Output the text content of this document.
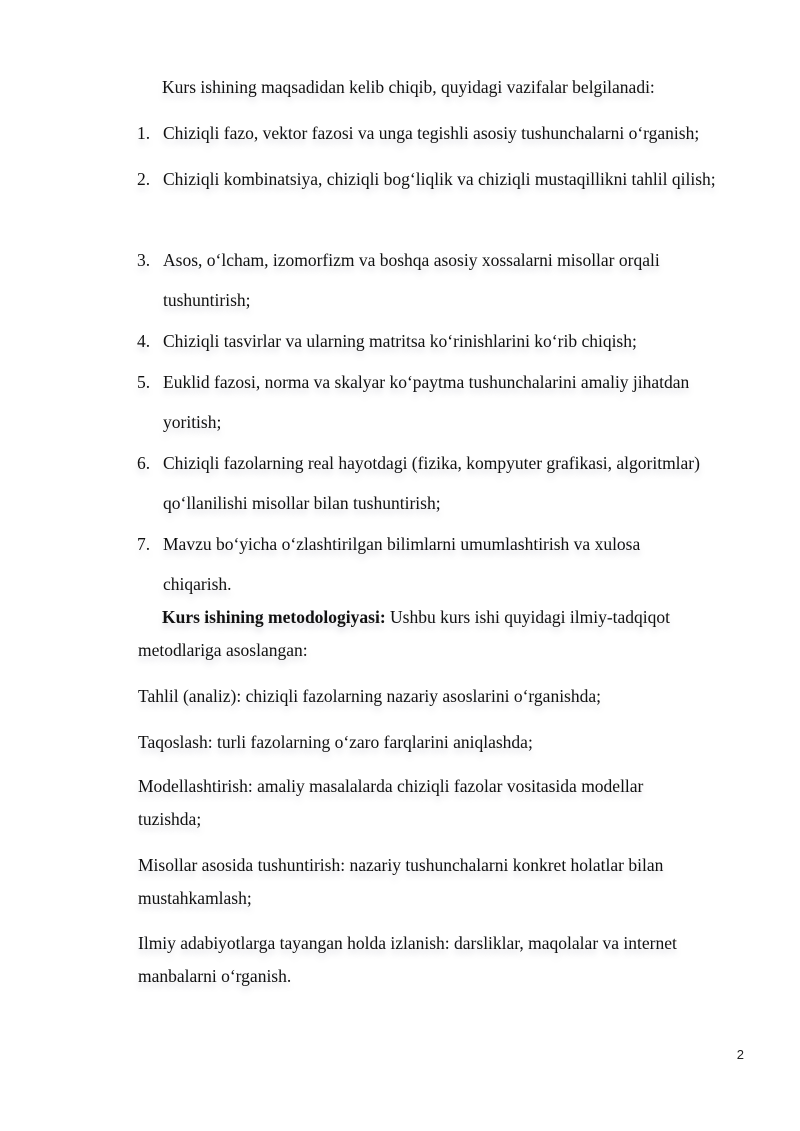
Kurs ishining maqsadidan kelib chiqib, quyidagi vazifalar belgilanadi:
1. Chiziqli fazo, vektor fazosi va unga tegishli asosiy tushunchalarni o‘rganish;
2. Chiziqli kombinatsiya, chiziqli bog‘liqlik va chiziqli mustaqillikni tahlil qilish;
3. Asos, o‘lcham, izomorfizm va boshqa asosiy xossalarni misollar orqali tushuntirish;
4. Chiziqli tasvirlar va ularning matritsa ko‘rinishlarini ko‘rib chiqish;
5. Euklid fazosi, norma va skalyar ko‘paytma tushunchalarini amaliy jihatdan yoritish;
6. Chiziqli fazolarning real hayotdagi (fizika, kompyuter grafikasi, algoritmlar) qo‘llanilishi misollar bilan tushuntirish;
7. Mavzu bo‘yicha o‘zlashtirilgan bilimlarni umumlashtirish va xulosa chiqarish.
Kurs ishining metodologiyasi: Ushbu kurs ishi quyidagi ilmiy-tadqiqot metodlariga asoslangan:
Tahlil (analiz): chiziqli fazolarning nazariy asoslarini o‘rganishda;
Taqoslash: turli fazolarning o‘zaro farqlarini aniqlashda;
Modellashtirish: amaliy masalalarda chiziqli fazolar vositasida modellar tuzishda;
Misollar asosida tushuntirish: nazariy tushunchalarni konkret holatlar bilan mustahkamlash;
Ilmiy adabiyotlarga tayangan holda izlanish: darsliklar, maqolalar va internet manbalarni o‘rganish.
2
